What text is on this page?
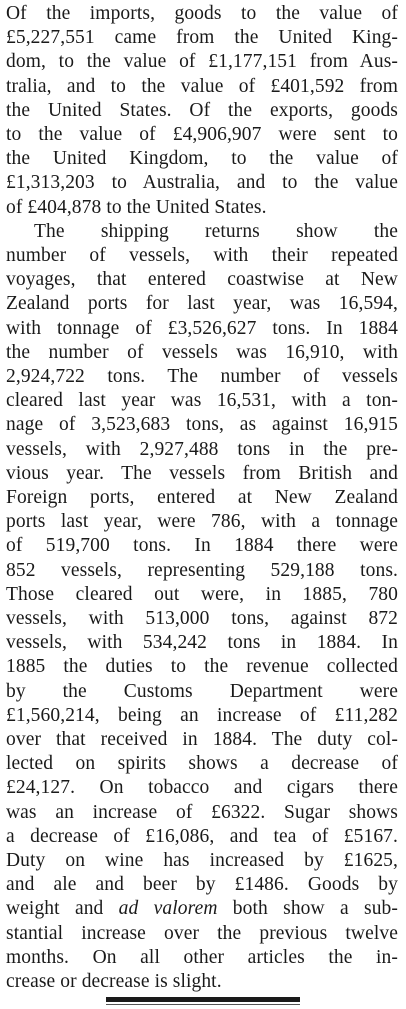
Of the imports, goods to the value of
£5,227,551 came from the United King-
dom, to the value of £1,177,151 from Aus-
tralia, and to the value of £401,592 from
the United States. Of the exports, goods
to the value of £4,906,907 were sent to
the United Kingdom, to the value of
£1,313,203 to Australia, and to the value
of £404,878 to the United States.
The shipping returns show the
number of vessels, with their repeated
voyages, that entered coastwise at New
Zealand ports for last year, was 16,594,
with tonnage of £3,526,627 tons. In 1884
the number of vessels was 16,910, with
2,924,722 tons. The number of vessels
cleared last year was 16,531, with a ton-
nage of 3,523,683 tons, as against 16,915
vessels, with 2,927,488 tons in the pre-
vious year. The vessels from British and
Foreign ports, entered at New Zealand
ports last year, were 786, with a tonnage
of 519,700 tons. In 1884 there were
852 vessels, representing 529,188 tons.
Those cleared out were, in 1885, 780
vessels, with 513,000 tons, against 872
vessels, with 534,242 tons in 1884. In
1885 the duties to the revenue collected
by the Customs Department were
£1,560,214, being an increase of £11,282
over that received in 1884. The duty col-
lected on spirits shows a decrease of
£24,127. On tobacco and cigars there
was an increase of £6322. Sugar shows
a decrease of £16,086, and tea of £5167.
Duty on wine has increased by £1625,
and ale and beer by £1486. Goods by
weight and ad valorem both show a sub-
stantial increase over the previous twelve
months. On all other articles the in-
crease or decrease is slight.
